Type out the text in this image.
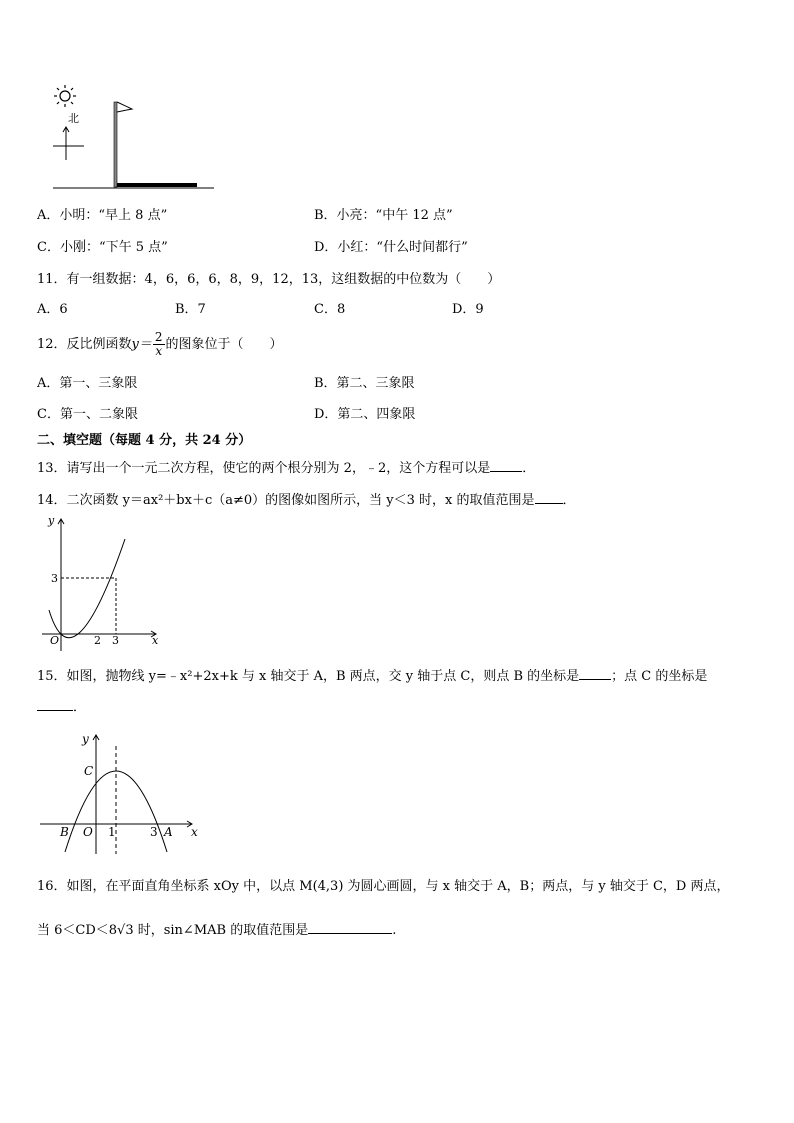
北
A．小明：“早上 8 点”	B．小亮：“中午 12 点”
C．小刚：“下午 5 点”	D．小红：“什么时间都行”
11．有一组数据：4，6，6，6，8，9，12，13，这组数据的中位数为（　　）
A．6	B．7	C．8	D．9
12．反比例函数$y= \frac{2}{x}$ 的图象位于（　　）
A．第一、三象限	B．第二、三象限
C．第一、二象限	D．第二、四象限
二、填空题（每题 4 分，共 24 分）
13．请写出一个一元二次方程，使它的两个根分别为 2，﹣2，这个方程可以是 ．
14．二次函数 y＝ax²＋bx＋c（a≠0）的图像如图所示，当 y＜3 时，x 的取值范围是 ．
y
x
O
3
2 3
15．如图，抛物线 y=﹣x²+2x+k 与 x 轴交于 A，B 两点，交 y 轴于点 C，则点 B 的坐标是 ；点 C 的坐标是
．
y
C
B O 1	3 A x
16．如图，在平面直角坐标系 xOy 中，以点 M(4,3) 为圆心画圆，与 x 轴交于 A，B；两点，与 y 轴交于 C，D 两点，
当 6＜CD＜8√3 时，sin∠MAB 的取值范围是	.
